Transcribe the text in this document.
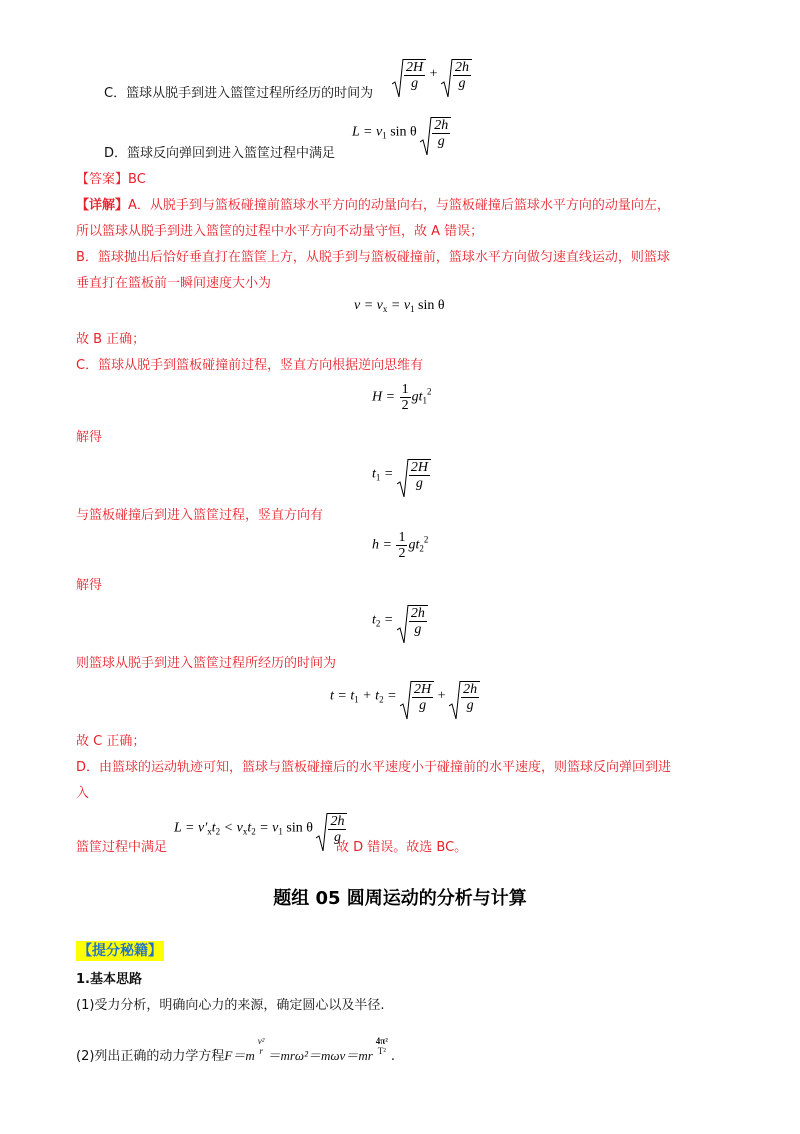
C．篮球从脱手到进入篮筐过程所经历的时间为
$\frac{2H}{g} + \frac{2h}{g}$
D．篮球反向弹回到进入篮筐过程中满足
$L = v_1$ sin θ $\frac{2h}{g}$
【答案】BC
【详解】A．从脱手到与篮板碰撞前篮球水平方向的动量向右，与篮板碰撞后篮球水平方向的动量向左，
所以篮球从脱手到进入篮筐的过程中水平方向不动量守恒，故 A 错误；
B．篮球抛出后恰好垂直打在篮筐上方，从脱手到与篮板碰撞前，篮球水平方向做匀速直线运动，则篮球
垂直打在篮板前一瞬间速度大小为
$v = v_x = v_1$ sin θ
故 B 正确；
C．篮球从脱手到篮板碰撞前过程，竖直方向根据逆向思维有
$H = \frac{1}{2} gt_1^2$
解得
$t_1 = \frac{2H}{g}$
与篮板碰撞后到进入篮筐过程，竖直方向有
$h = \frac{1}{2} gt_2^2$
解得
$t_2 = \frac{2h}{g}$
则篮球从脱手到进入篮筐过程所经历的时间为
$t = t_1 + t_2 = \frac{2H}{g} + \frac{2h}{g}$
故 C 正确；
D．由篮球的运动轨迹可知，篮球与篮板碰撞后的水平速度小于碰撞前的水平速度，则篮球反向弹回到进
入
篮筐过程中满足
$L = v'_xt_2 < v_xt_2 = v_1$ sin θ $\frac{2h}{g}$
故 D 错误。故选 BC。
题组 05 圆周运动的分析与计算
【提分秘籍】
1.基本思路
(1)受力分析，明确向心力的来源，确定圆心以及半径.
(2)列出正确的动力学方程F＝m
v²
r ＝mrω²＝mωv＝mr
4π²
T² .
